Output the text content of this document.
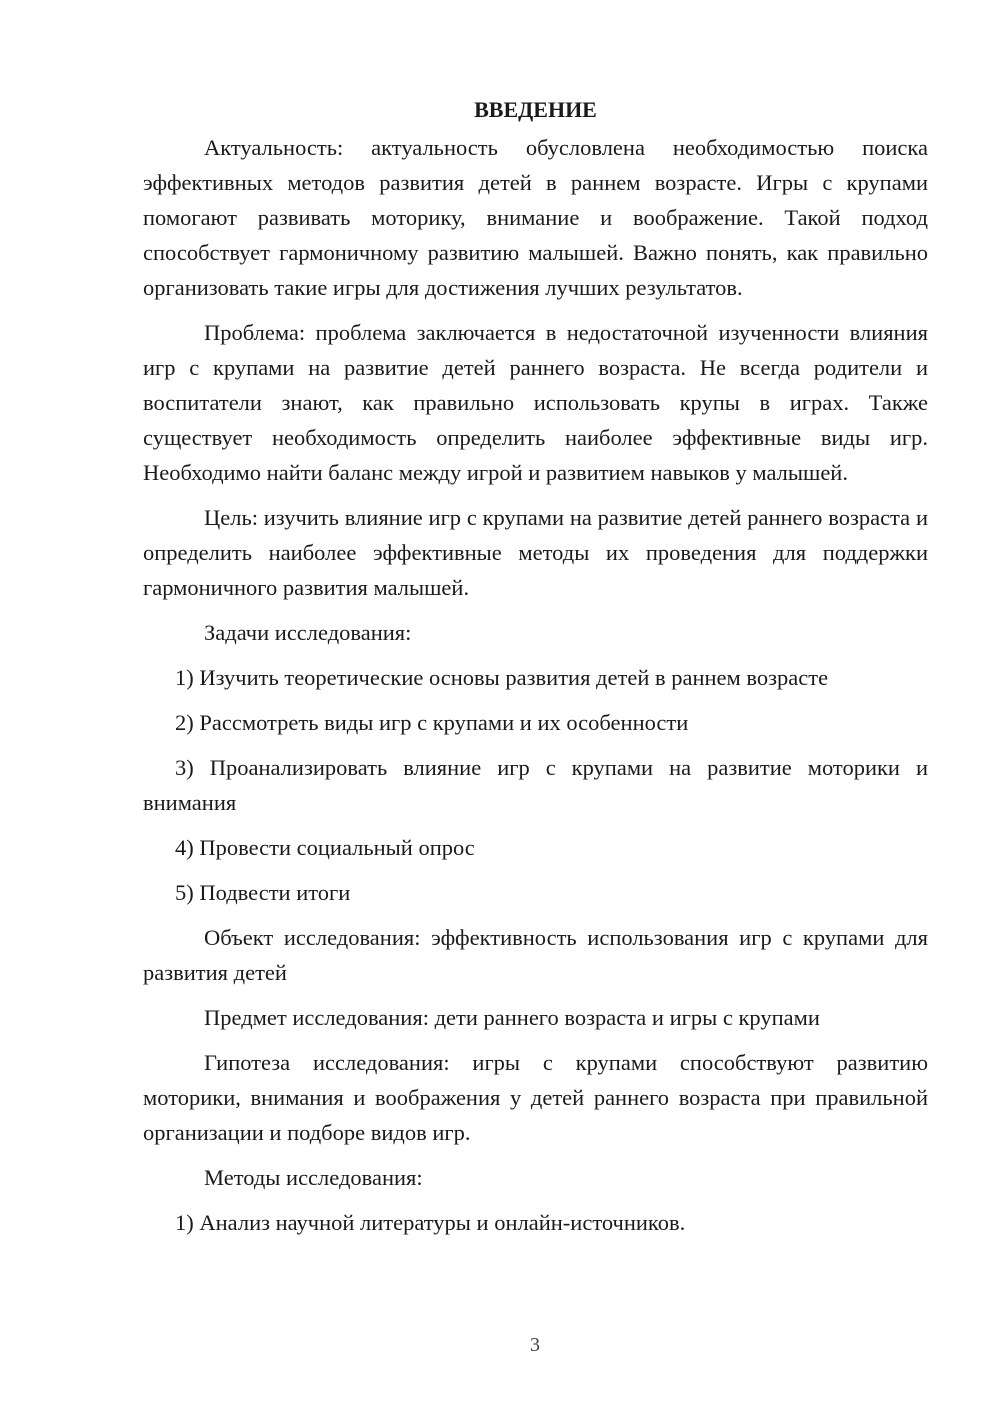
ВВЕДЕНИЕ

Актуальность: актуальность обусловлена необходимостью поиска эффективных методов развития детей в раннем возрасте. Игры с крупами помогают развивать моторику, внимание и воображение. Такой подход способствует гармоничному развитию малышей. Важно понять, как правильно организовать такие игры для достижения лучших результатов.

Проблема: проблема заключается в недостаточной изученности влияния игр с крупами на развитие детей раннего возраста. Не всегда родители и воспитатели знают, как правильно использовать крупы в играх. Также существует необходимость определить наиболее эффективные виды игр. Необходимо найти баланс между игрой и развитием навыков у малышей.

Цель: изучить влияние игр с крупами на развитие детей раннего возраста и определить наиболее эффективные методы их проведения для поддержки гармоничного развития малышей.

Задачи исследования:

1) Изучить теоретические основы развития детей в раннем возрасте

2) Рассмотреть виды игр с крупами и их особенности

3) Проанализировать влияние игр с крупами на развитие моторики и внимания

4) Провести социальный опрос

5) Подвести итоги

Объект исследования: эффективность использования игр с крупами для развития детей

Предмет исследования: дети раннего возраста и игры с крупами

Гипотеза исследования: игры с крупами способствуют развитию моторики, внимания и воображения у детей раннего возраста при правильной организации и подборе видов игр.

Методы исследования:

1) Анализ научной литературы и онлайн-источников.

3
